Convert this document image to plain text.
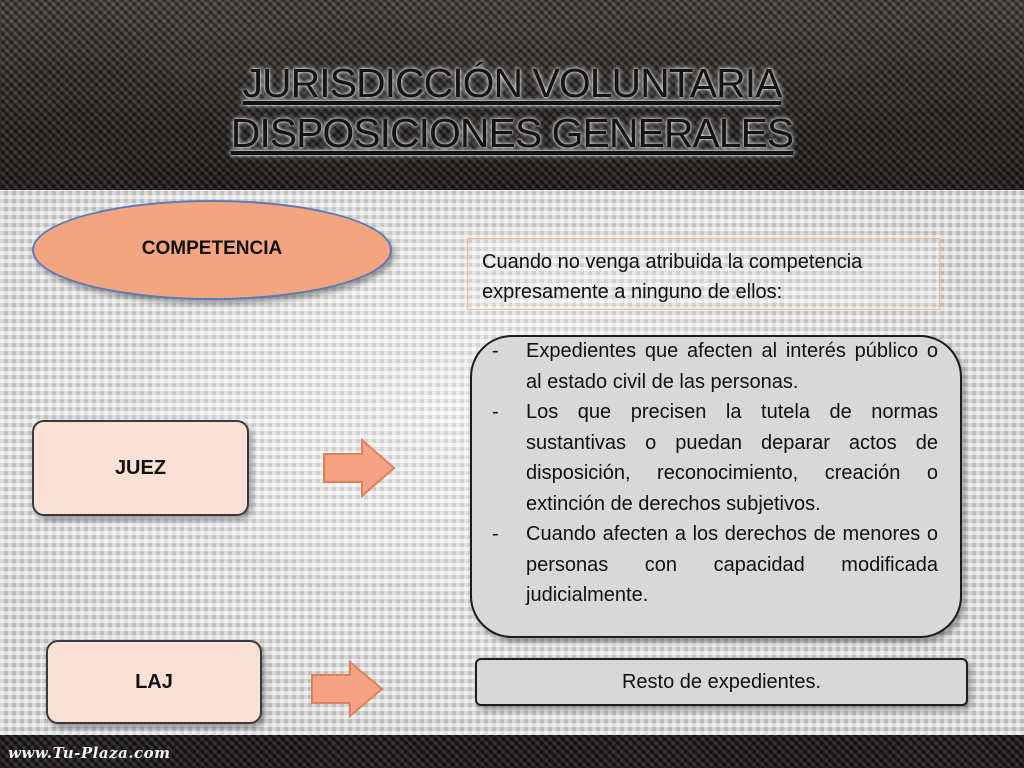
JURISDICCIÓN VOLUNTARIA
DISPOSICIONES GENERALES
COMPETENCIA
Cuando no venga atribuida la competencia
expresamente a ninguno de ellos:
JUEZ
- Expedientes que afecten al interés público o al estado civil de las personas.
- Los que precisen la tutela de normas sustantivas o puedan deparar actos de disposición, reconocimiento, creación o extinción de derechos subjetivos.
- Cuando afecten a los derechos de menores o personas con capacidad modificada judicialmente.
LAJ	Resto de expedientes.
www.Tu-Plaza.com
